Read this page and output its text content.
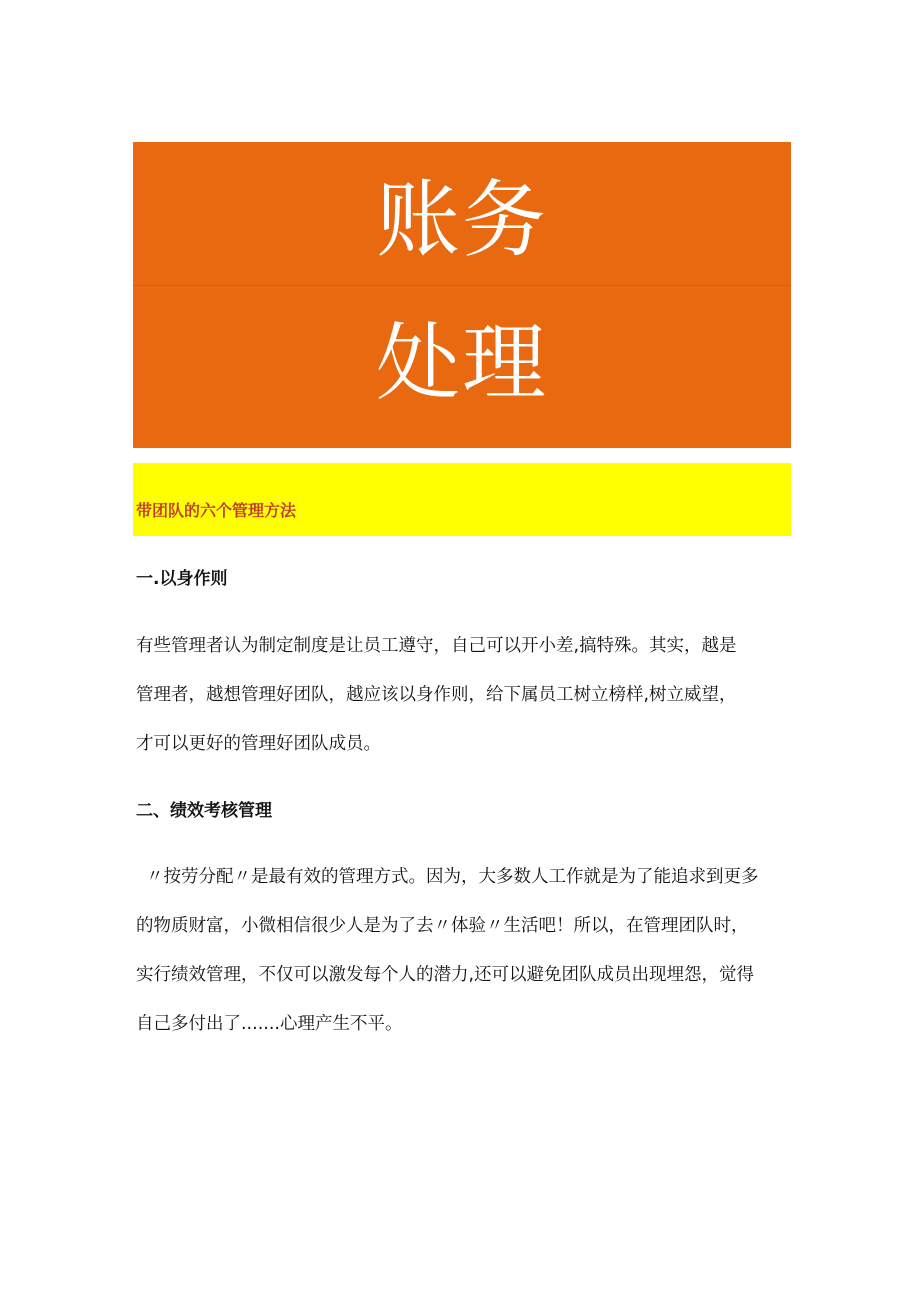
账务
处理
带团队的六个管理方法
一.以身作则
有些管理者认为制定制度是让员工遵守，自己可以开小差,搞特殊。其实，越是
管理者，越想管理好团队，越应该以身作则，给下属员工树立榜样,树立威望，
才可以更好的管理好团队成员。
二、绩效考核管理
〃按劳分配〃是最有效的管理方式。因为，大多数人工作就是为了能追求到更多
的物质财富，小微相信很少人是为了去〃体验〃生活吧！所以，在管理团队时，
实行绩效管理，不仅可以激发每个人的潜力,还可以避免团队成员出现埋怨，觉得
自己多付出了.......心理产生不平。
